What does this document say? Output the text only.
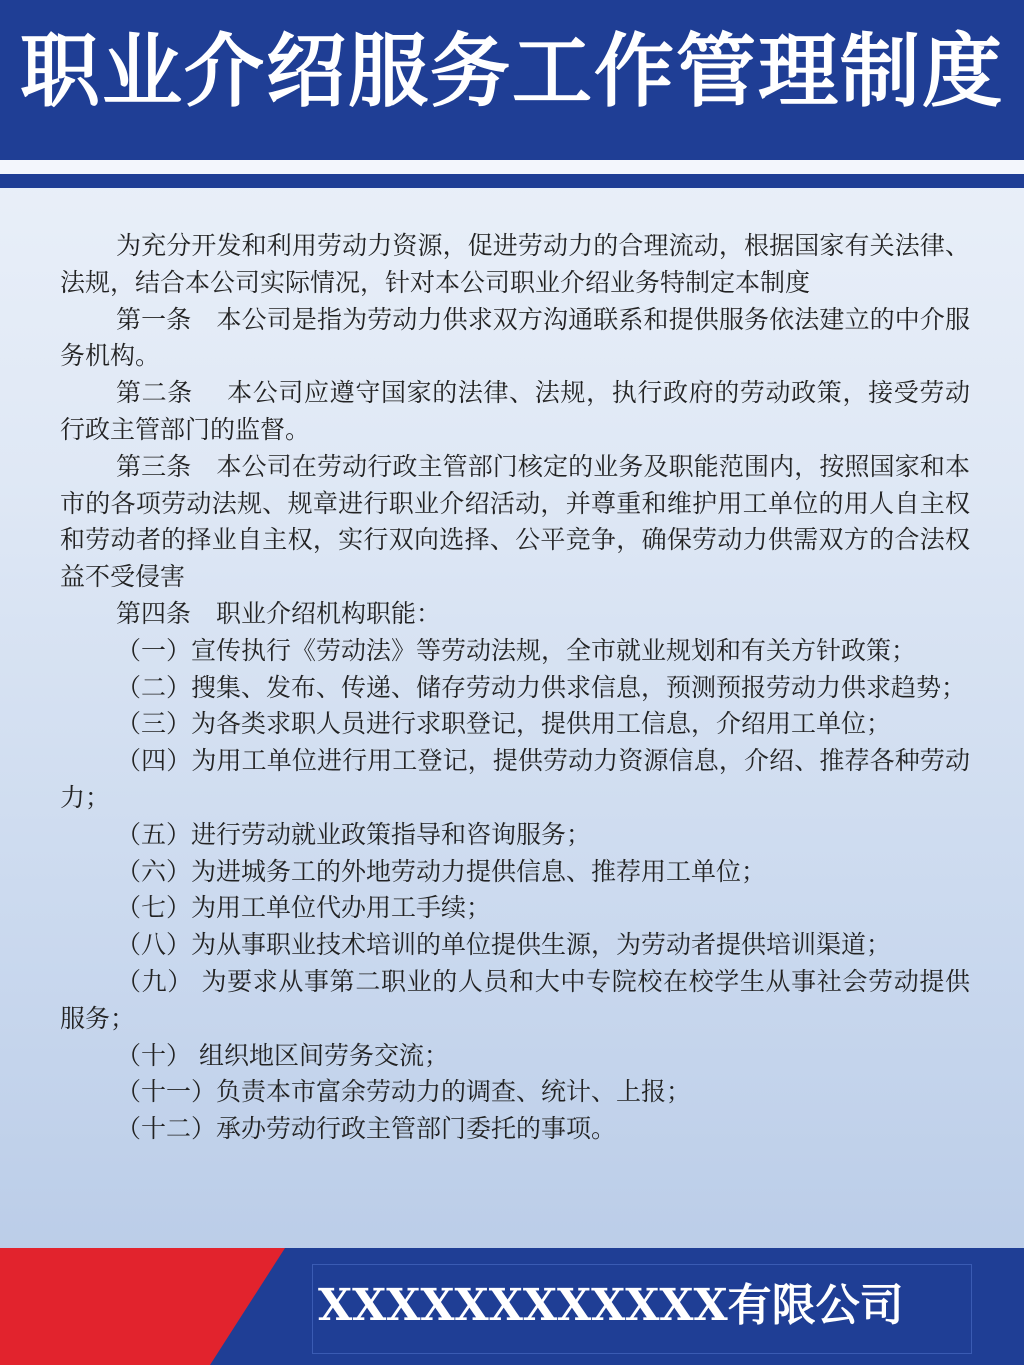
职业介绍服务工作管理制度

为充分开发和利用劳动力资源，促进劳动力的合理流动，根据国家有关法律、法规，结合本公司实际情况，针对本公司职业介绍业务特制定本制度

第一条　本公司是指为劳动力供求双方沟通联系和提供服务依法建立的中介服务机构。

第二条　 本公司应遵守国家的法律、法规，执行政府的劳动政策，接受劳动行政主管部门的监督。

第三条　本公司在劳动行政主管部门核定的业务及职能范围内，按照国家和本市的各项劳动法规、规章进行职业介绍活动，并尊重和维护用工单位的用人自主权和劳动者的择业自主权，实行双向选择、公平竞争，确保劳动力供需双方的合法权益不受侵害

第四条　职业介绍机构职能：

（一）宣传执行《劳动法》等劳动法规，全市就业规划和有关方针政策；

（二）搜集、发布、传递、储存劳动力供求信息，预测预报劳动力供求趋势；

（三）为各类求职人员进行求职登记，提供用工信息，介绍用工单位；

（四）为用工单位进行用工登记，提供劳动力资源信息，介绍、推荐各种劳动力；

（五）进行劳动就业政策指导和咨询服务；

（六）为进城务工的外地劳动力提供信息、推荐用工单位；

（七）为用工单位代办用工手续；

（八）为从事职业技术培训的单位提供生源，为劳动者提供培训渠道；

（九） 为要求从事第二职业的人员和大中专院校在校学生从事社会劳动提供服务；

（十） 组织地区间劳务交流；

（十一）负责本市富余劳动力的调查、统计、上报；

（十二）承办劳动行政主管部门委托的事项。

XXXXXXXXXXXX有限公司
